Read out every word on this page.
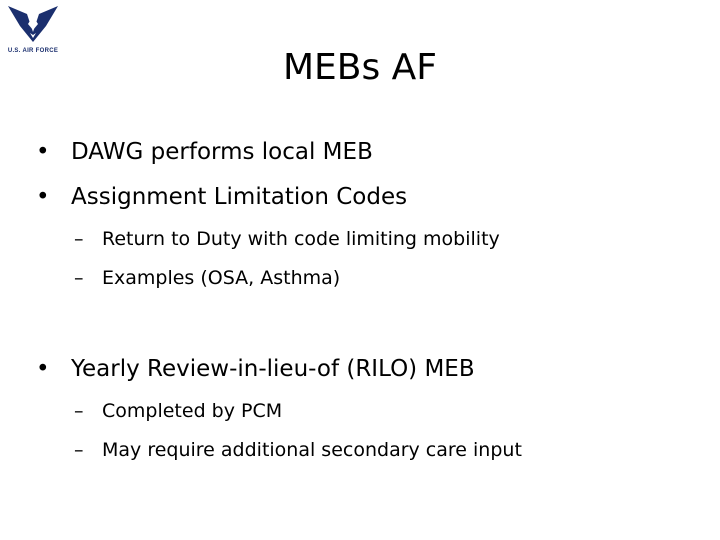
U.S. AIR FORCE	MEBs AF
• DAWG performs local MEB
• Assignment Limitation Codes
– Return to Duty with code limiting mobility
– Examples (OSA, Asthma)
• Yearly Review-in-lieu-of (RILO) MEB
– Completed by PCM
– May require additional secondary care input
